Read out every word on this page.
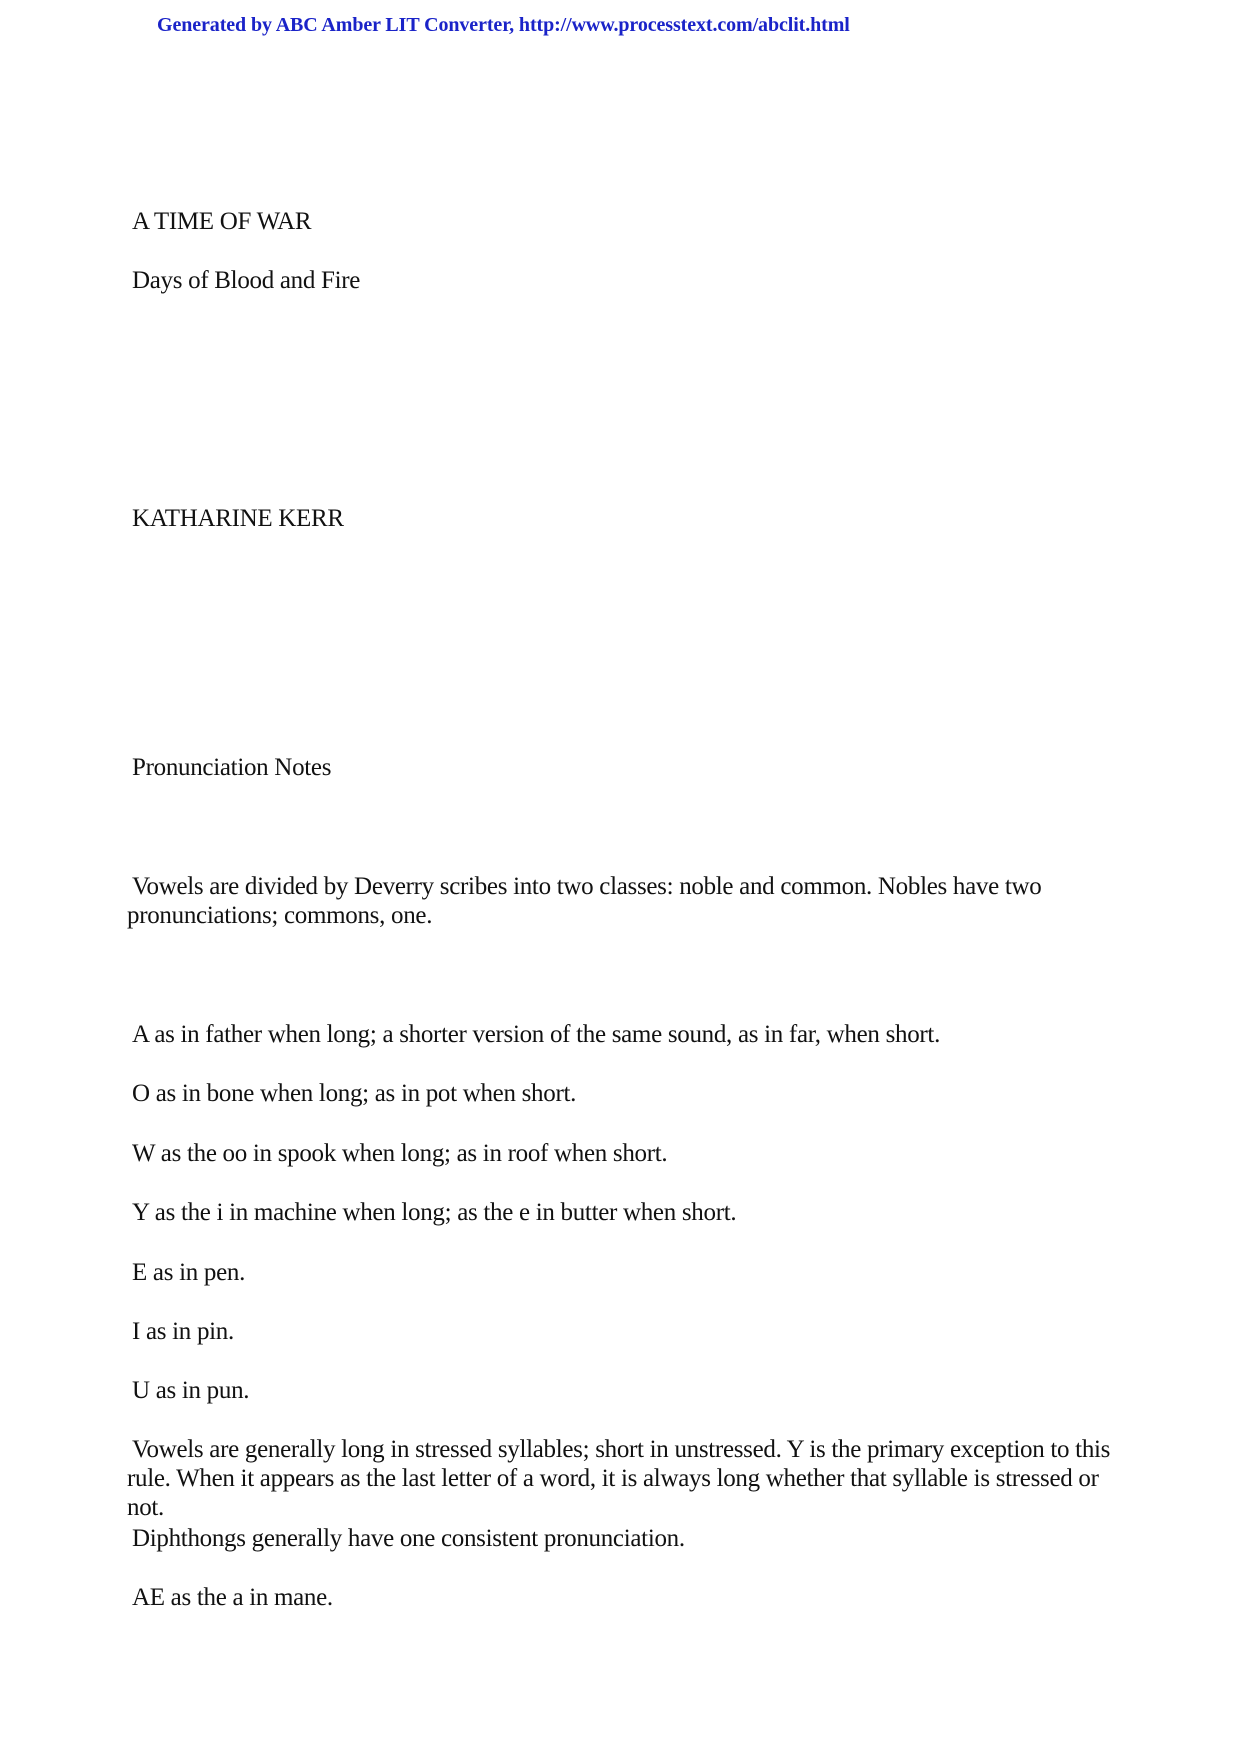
Generated by ABC Amber LIT Converter, http://www.processtext.com/abclit.html
A TIME OF WAR
Days of Blood and Fire
KATHARINE KERR
Pronunciation Notes
Vowels are divided by Deverry scribes into two classes: noble and common. Nobles have two pronunciations; commons, one.
A as in father when long; a shorter version of the same sound, as in far, when short.
O as in bone when long; as in pot when short.
W as the oo in spook when long; as in roof when short.
Y as the i in machine when long; as the e in butter when short.
E as in pen.
I as in pin.
U as in pun.
Vowels are generally long in stressed syllables; short in unstressed. Y is the primary exception to this rule. When it appears as the last letter of a word, it is always long whether that syllable is stressed or not.
Diphthongs generally have one consistent pronunciation.
AE as the a in mane.
